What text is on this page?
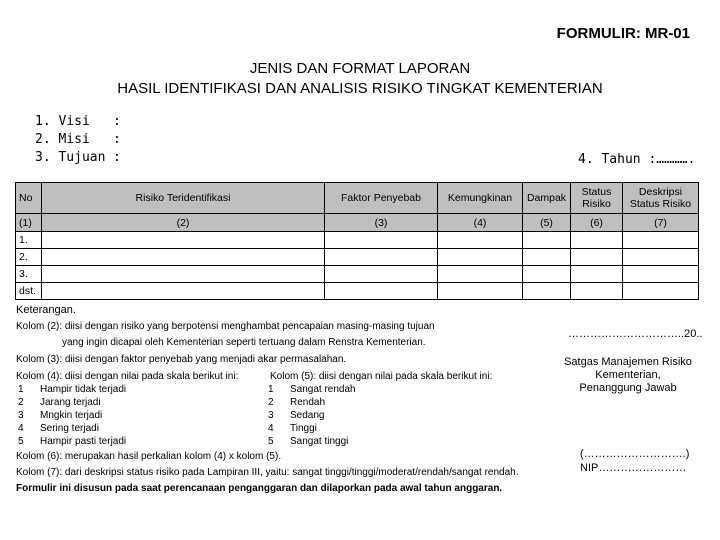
FORMULIR: MR-01
JENIS DAN FORMAT LAPORAN
HASIL IDENTIFIKASI DAN ANALISIS RISIKO TINGKAT KEMENTERIAN
1. Visi :
2. Misi :
3. Tujuan :	4. Tahun :………….
No	Risiko Teridentifikasi	Faktor Penyebab	Kemungkinan	Dampak	Status Risiko	Deskripsi Status Risiko
(1)	(2)	(3)	(4)	(5)	(6)	(7)
1.						
2.						
3.						
dst.						
Keterangan.
Kolom (2): diisi dengan risiko yang berpotensi menghambat pencapaian masing-masing tujuan
yang ingin dicapai oleh Kementerian seperti tertuang dalam Renstra Kementerian.
Kolom (3): diisi dengan faktor penyebab yang menjadi akar permasalahan.
Kolom (4): diisi dengan nilai pada skala berikut ini:	Kolom (5): diisi dengan nilai pada skala berikut ini:
1 Hampir tidak terjadi
2 Jarang terjadi
3 Mngkin terjadi
4 Sering terjadi
5 Hampir pasti terjadi
1 Sangat rendah
2 Rendah
3 Sedang
4 Tinggi
5 Sangat tinggi
Kolom (6): merupakan hasil perkalian kolom (4) x kolom (5).
Kolom (7): dari deskripsi status risiko pada Lampiran III, yaitu: sangat tinggi/tinggi/moderat/rendah/sangat rendah.
Formulir ini disusun pada saat perencanaan penganggaran dan dilaporkan pada awal tahun anggaran.
…………………………..20..
Satgas Manajemen Risiko
Kementerian,
Penanggung Jawab
(……………………….)
NIP……………………
